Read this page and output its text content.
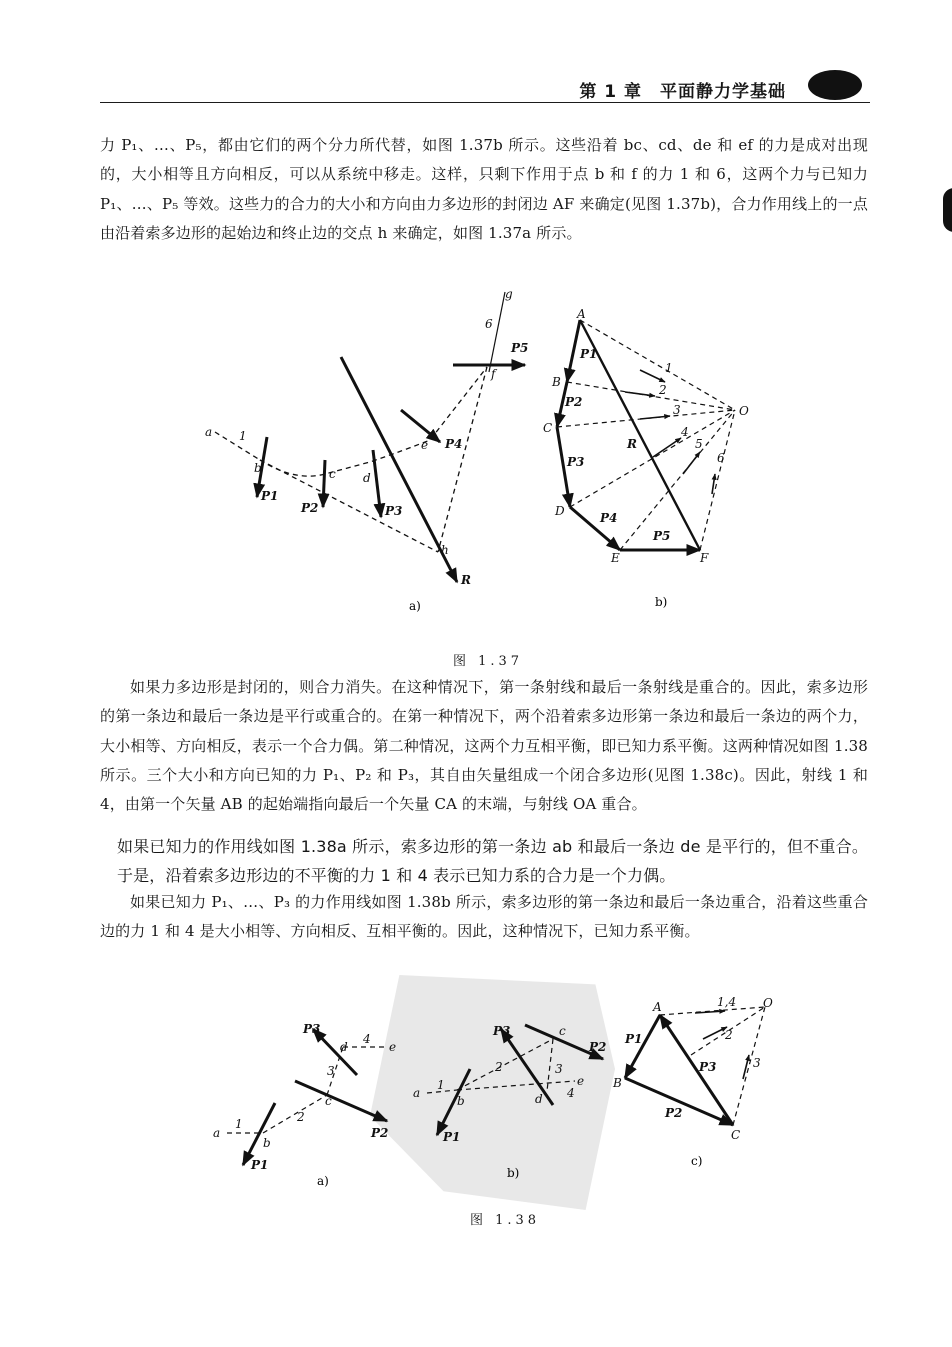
第 1 章　平面静力学基础

力 P₁、…、P₅，都由它们的两个分力所代替，如图 1.37b 所示。这些沿着 bc、cd、de 和 ef 的力是成对出现的，大小相等且方向相反，可以从系统中移走。这样，只剩下作用于点 b 和 f 的力 1 和 6，这两个力与已知力 P₁、…、P₅ 等效。这些力的合力的大小和方向由力多边形的封闭边 AF 来确定(见图 1.37b)，合力作用线上的一点由沿着索多边形的起始边和终止边的交点 h 来确定，如图 1.37a 所示。

a 1
b
P1
c
P2
d
P3
e P4
f
P5
g
6
h
R
a)
A
B
C
D
E	F
O
P1
P2
P3
P4
P5
R
1
2
3
4
5
6
b)
图 1.37

如果力多边形是封闭的，则合力消失。在这种情况下，第一条射线和最后一条射线是重合的。因此，索多边形的第一条边和最后一条边是平行或重合的。在第一种情况下，两个沿着索多边形第一条边和最后一条边的两个力，大小相等、方向相反，表示一个合力偶。第二种情况，这两个力互相平衡，即已知力系平衡。这两种情况如图 1.38 所示。三个大小和方向已知的力 P₁、P₂ 和 P₃，其自由矢量组成一个闭合多边形(见图 1.38c)。因此，射线 1 和 4，由第一个矢量 AB 的起始端指向最后一个矢量 CA 的末端，与射线 OA 重合。

如果已知力的作用线如图 1.38a 所示，索多边形的第一条边 ab 和最后一条边 de 是平行的，但不重合。于是，沿着索多边形边的不平衡的力 1 和 4 表示已知力系的合力是一个力偶。

如果已知力 P₁、…、P₃ 的力作用线如图 1.38b 所示，索多边形的第一条边和最后一条边重合，沿着这些重合边的力 1 和 4 是大小相等、方向相反、互相平衡的。因此，这种情况下，已知力系平衡。

a
1
b
P1
2
c
P2
3
d
P3
4
e
a)
a
1
b
P1
2
c
P3
3
P2
d 4
e
b)
A	1,4 O
P1	2
P3	3
B
P2
C
c)
图 1.38
